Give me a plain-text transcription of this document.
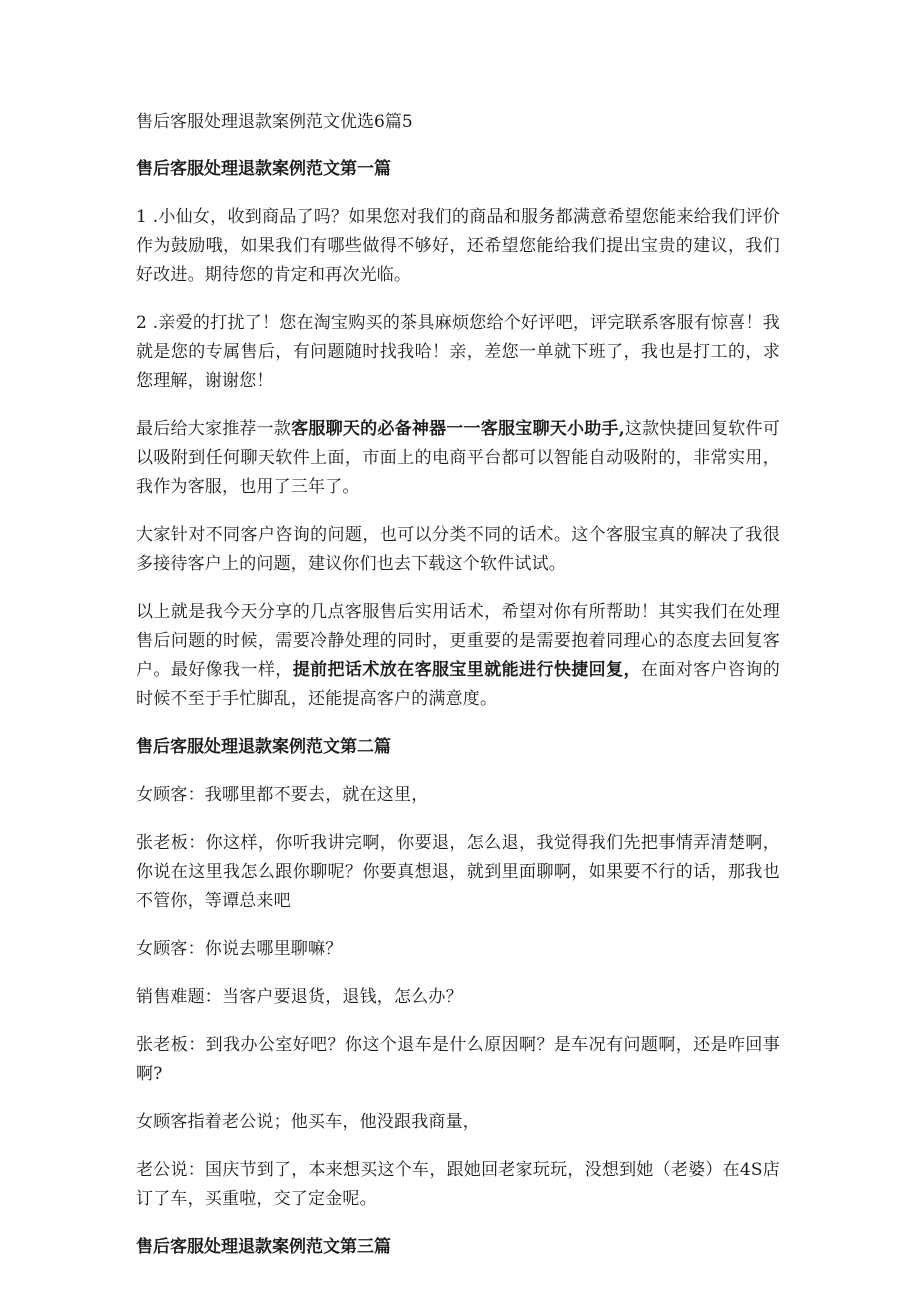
售后客服处理退款案例范文优选6篇5
售后客服处理退款案例范文第一篇
1 .小仙女，收到商品了吗？如果您对我们的商品和服务都满意希望您能来给我们评价作为鼓励哦，如果我们有哪些做得不够好，还希望您能给我们提出宝贵的建议，我们好改进。期待您的肯定和再次光临。
2 .亲爱的打扰了！您在淘宝购买的茶具麻烦您给个好评吧，评完联系客服有惊喜！我就是您的专属售后，有问题随时找我哈！亲，差您一单就下班了，我也是打工的，求您理解，谢谢您！
最后给大家推荐一款客服聊天的必备神器一一客服宝聊天小助手,这款快捷回复软件可以吸附到任何聊天软件上面，市面上的电商平台都可以智能自动吸附的，非常实用，我作为客服，也用了三年了。
大家针对不同客户咨询的问题，也可以分类不同的话术。这个客服宝真的解决了我很多接待客户上的问题，建议你们也去下载这个软件试试。
以上就是我今天分享的几点客服售后实用话术，希望对你有所帮助！其实我们在处理售后问题的时候，需要冷静处理的同时，更重要的是需要抱着同理心的态度去回复客户。最好像我一样，提前把话术放在客服宝里就能进行快捷回复，在面对客户咨询的时候不至于手忙脚乱，还能提高客户的满意度。
售后客服处理退款案例范文第二篇
女顾客：我哪里都不要去，就在这里，
张老板：你这样，你听我讲完啊，你要退，怎么退，我觉得我们先把事情弄清楚啊，你说在这里我怎么跟你聊呢？你要真想退，就到里面聊啊，如果要不行的话，那我也不管你，等谭总来吧
女顾客：你说去哪里聊嘛？
销售难题：当客户要退货，退钱，怎么办？
张老板：到我办公室好吧？你这个退车是什么原因啊？是车况有问题啊，还是咋回事啊?
女顾客指着老公说；他买车，他没跟我商量，
老公说：国庆节到了，本来想买这个车，跟她回老家玩玩，没想到她（老婆）在4S店订了车，买重啦，交了定金呢。
售后客服处理退款案例范文第三篇
